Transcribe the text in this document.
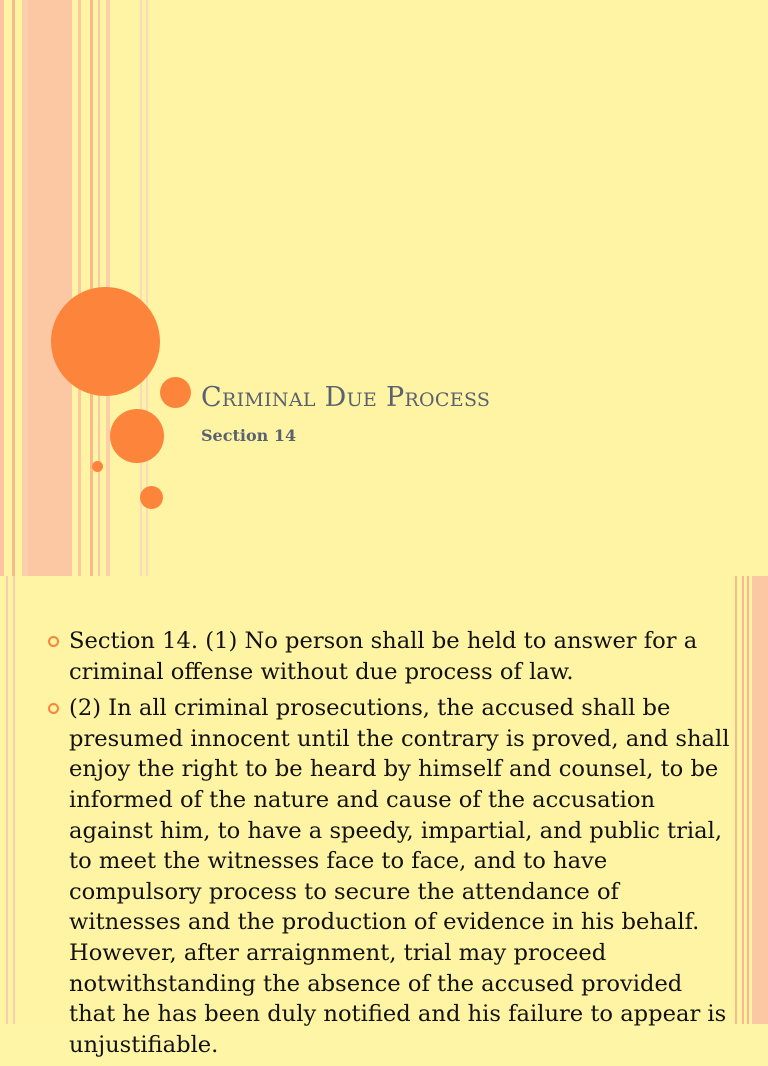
Criminal Due Process
Section 14
Section 14. (1) No person shall be held to answer for a criminal offense without due process of law.
(2) In all criminal prosecutions, the accused shall be presumed innocent until the contrary is proved, and shall enjoy the right to be heard by himself and counsel, to be informed of the nature and cause of the accusation against him, to have a speedy, impartial, and public trial, to meet the witnesses face to face, and to have compulsory process to secure the attendance of witnesses and the production of evidence in his behalf. However, after arraignment, trial may proceed notwithstanding the absence of the accused provided that he has been duly notified and his failure to appear is unjustifiable.
